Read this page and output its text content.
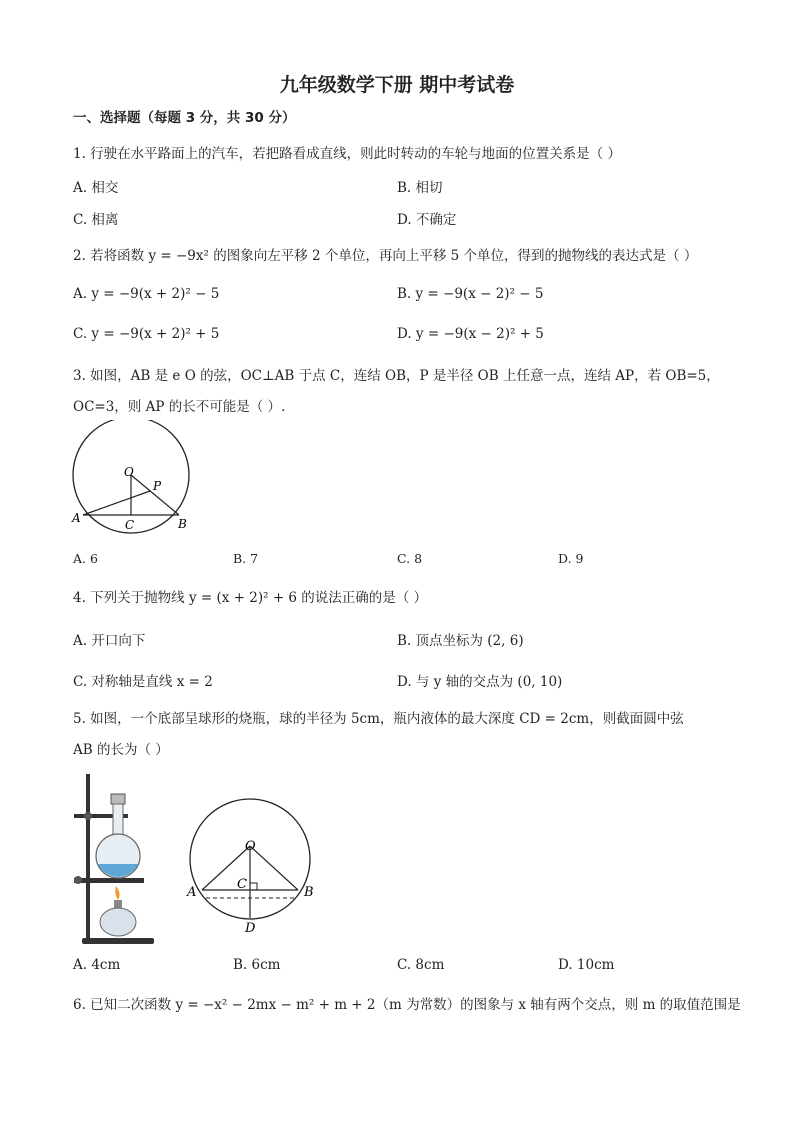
九年级数学下册 期中考试卷
一、选择题（每题 3 分，共 30 分）
1. 行驶在水平路面上的汽车，若把路看成直线，则此时转动的车轮与地面的位置关系是（ ）
A. 相交	B. 相切
C. 相离	D. 不确定
2. 若将函数 y = −9x² 的图象向左平移 2 个单位，再向上平移 5 个单位，得到的抛物线的表达式是（ ）
A. y = −9(x + 2)² − 5	B. y = −9(x − 2)² − 5
C. y = −9(x + 2)² + 5	D. y = −9(x − 2)² + 5
3. 如图，AB 是 e O 的弦，OC⊥AB 于点 C，连结 OB，P 是半径 OB 上任意一点，连结 AP，若 OB=5，
OC=3，则 AP 的长不可能是（ ）.
O
P
A	B
C
A. 6	B. 7	C. 8	D. 9
4. 下列关于抛物线 y = (x + 2)² + 6 的说法正确的是（ ）
A. 开口向下	B. 顶点坐标为 (2, 6)
C. 对称轴是直线 x = 2	D. 与 y 轴的交点为 (0, 10)
5. 如图，一个底部呈球形的烧瓶，球的半径为 5cm，瓶内液体的最大深度 CD = 2cm，则截面圆中弦
AB 的长为（ ）
O
C
A	B
D
A. 4cm	B. 6cm	C. 8cm	D. 10cm
6. 已知二次函数 y = −x² − 2mx − m² + m + 2（m 为常数）的图象与 x 轴有两个交点，则 m 的取值范围是
